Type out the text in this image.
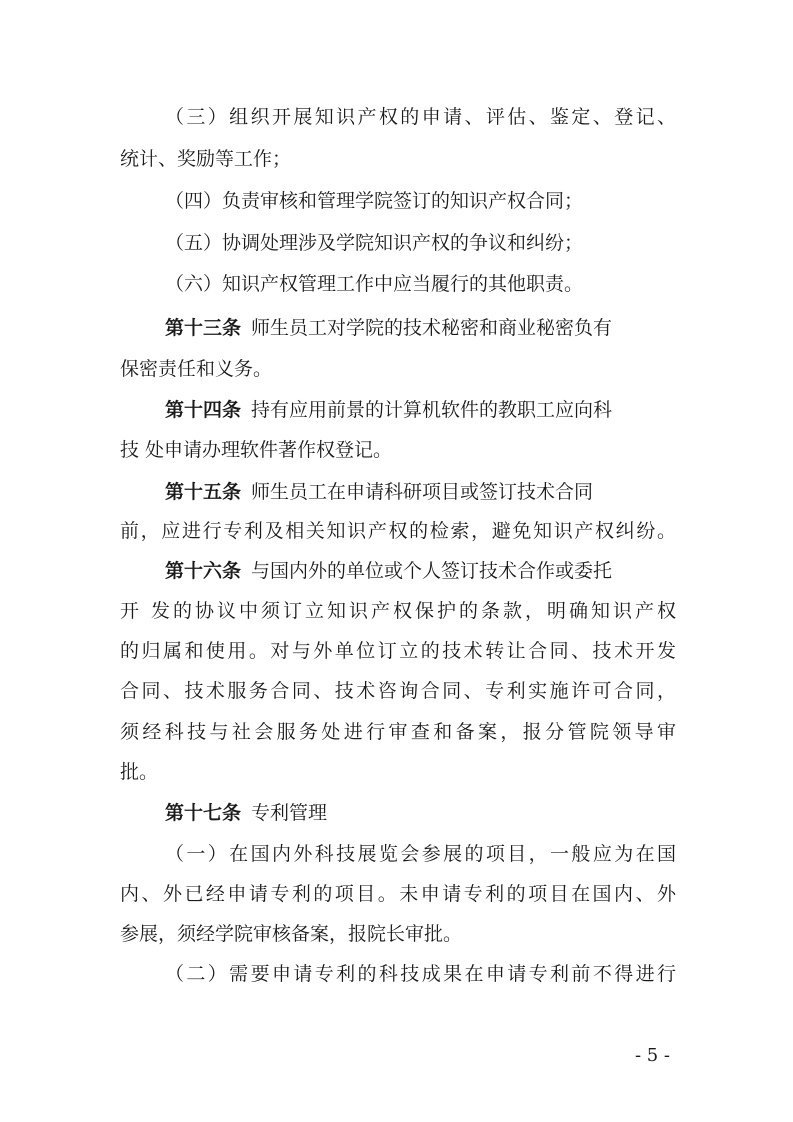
（三）组织开展知识产权的申请、评估、鉴定、登记、
统计、奖励等工作；
（四）负责审核和管理学院签订的知识产权合同；
（五）协调处理涉及学院知识产权的争议和纠纷；
（六）知识产权管理工作中应当履行的其他职责。
第十三条 师生员工对学院的技术秘密和商业秘密负有
保密责任和义务。
第十四条 持有应用前景的计算机软件的教职工应向科
技 处申请办理软件著作权登记。
第十五条 师生员工在申请科研项目或签订技术合同
前，应进行专利及相关知识产权的检索，避免知识产权纠纷。
第十六条 与国内外的单位或个人签订技术合作或委托
开 发的协议中须订立知识产权保护的条款，明确知识产权
的归属和使用。对与外单位订立的技术转让合同、技术开发
合同、技术服务合同、技术咨询合同、专利实施许可合同，
须经科技与社会服务处进行审查和备案，报分管院领导审
批。
第十七条 专利管理
（一）在国内外科技展览会参展的项目，一般应为在国
内、外已经申请专利的项目。未申请专利的项目在国内、外
参展，须经学院审核备案，报院长审批。
（二）需要申请专利的科技成果在申请专利前不得进行
- 5 -
